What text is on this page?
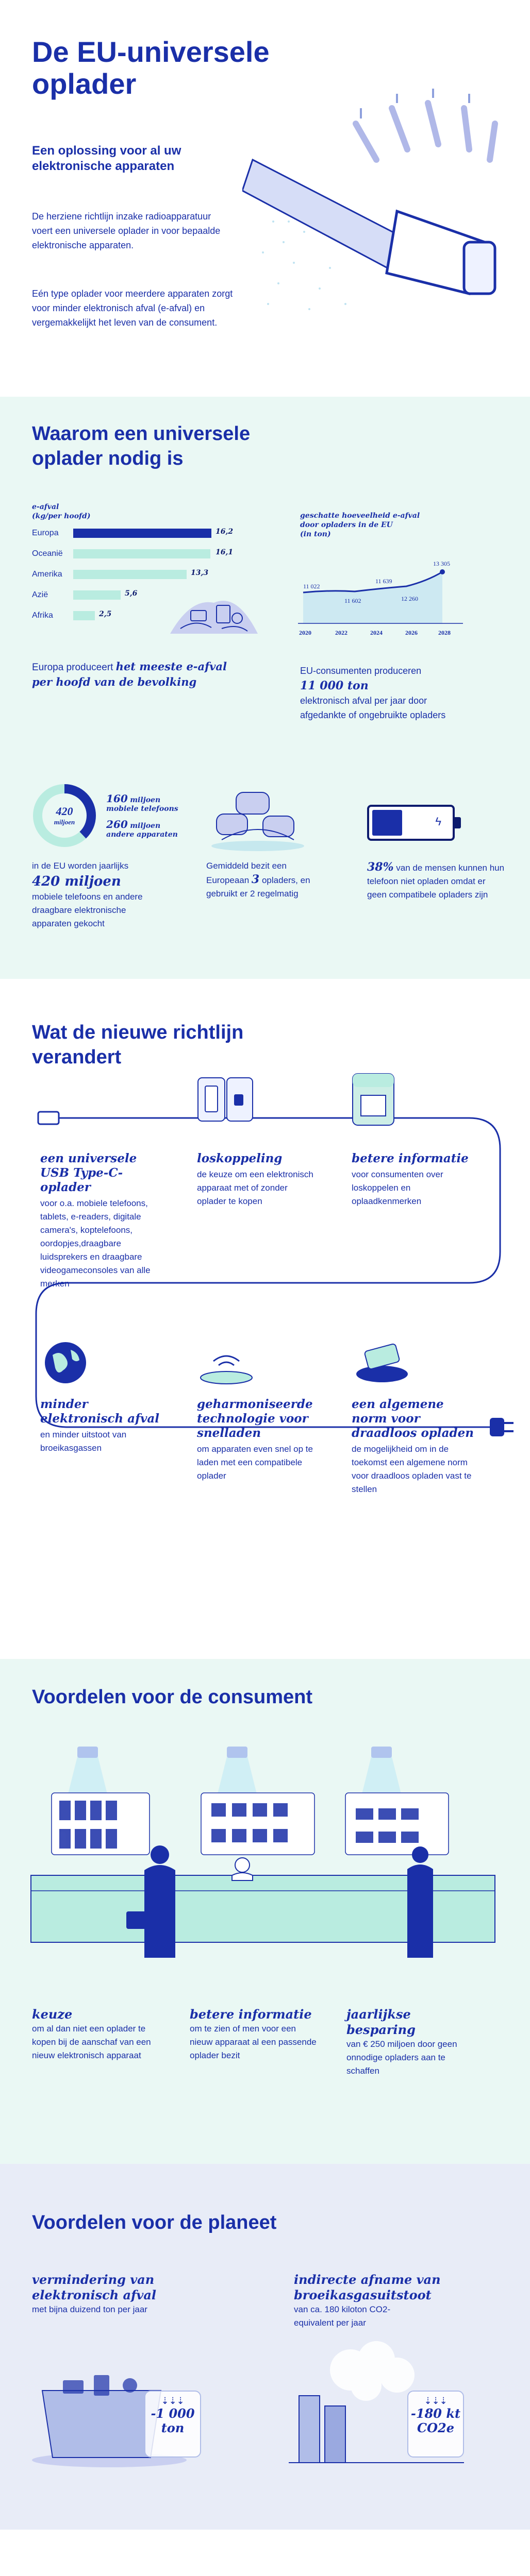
De EU-universele oplader
Een oplossing voor al uw elektronische apparaten
De herziene richtlijn inzake radioapparatuur voert een universele oplader in voor bepaalde elektronische apparaten.
Eén type oplader voor meerdere apparaten zorgt voor minder elektronisch afval (e-afval) en vergemakkelijkt het leven van de consument.
Waarom een universele oplader nodig is
e-afval
(kg/per hoofd)
Europa	16,2
Oceanië	16,1
Amerika	13,3
Azië	5,6
Afrika	2,5
Europa produceert het meeste e-afval per hoofd van de bevolking
geschatte hoeveelheid e-afval
door opladers in de EU
(in ton)
11 022
11 602
11 639
12 260
13 305
2020	2022	2024	2026	2028
EU-consumenten produceren
11 000 ton
elektronisch afval per jaar door afgedankte of ongebruikte opladers
420
miljoen
160 miljoen
mobiele telefoons
260 miljoen
andere apparaten
in de EU worden jaarlijks
420 miljoen
mobiele telefoons en andere draagbare elektronische apparaten gekocht
Gemiddeld bezit een Europeaan 3 opladers, en gebruikt er 2 regelmatig
ϟ
38% van de mensen kunnen hun telefoon niet opladen omdat er geen compatibele opladers zijn
Wat de nieuwe richtlijn verandert
een universele USB Type-C-oplader
voor o.a. mobiele telefoons, tablets, e-readers, digitale camera's, koptelefoons, oordopjes,draagbare luidsprekers en draagbare videogameconsoles van alle merken
loskoppeling
de keuze om een elektronisch apparaat met of zonder oplader te kopen
betere informatie
voor consumenten over loskoppelen en oplaadkenmerken
minder elektronisch afval
en minder uitstoot van broeikasgassen
geharmoniseerde technologie voor snelladen
om apparaten even snel op te laden met een compatibele oplader
een algemene norm voor draadloos opladen
de mogelijkheid om in de toekomst een algemene norm voor draadloos opladen vast te stellen
Voordelen voor de consument
keuze
om al dan niet een oplader te kopen bij de aanschaf van een nieuw elektronisch apparaat
betere informatie
om te zien of men voor een nieuw apparaat al een passende oplader bezit
jaarlijkse besparing
van € 250 miljoen door geen onnodige opladers aan te schaffen
Voordelen voor de planeet
vermindering van elektronisch afval
met bijna duizend ton per jaar
indirecte afname van broeikasgasuitstoot
van ca. 180 kiloton CO2-equivalent per jaar
⇣⇣⇣
-1 000
ton
⇣⇣⇣
-180 kt
CO2e
